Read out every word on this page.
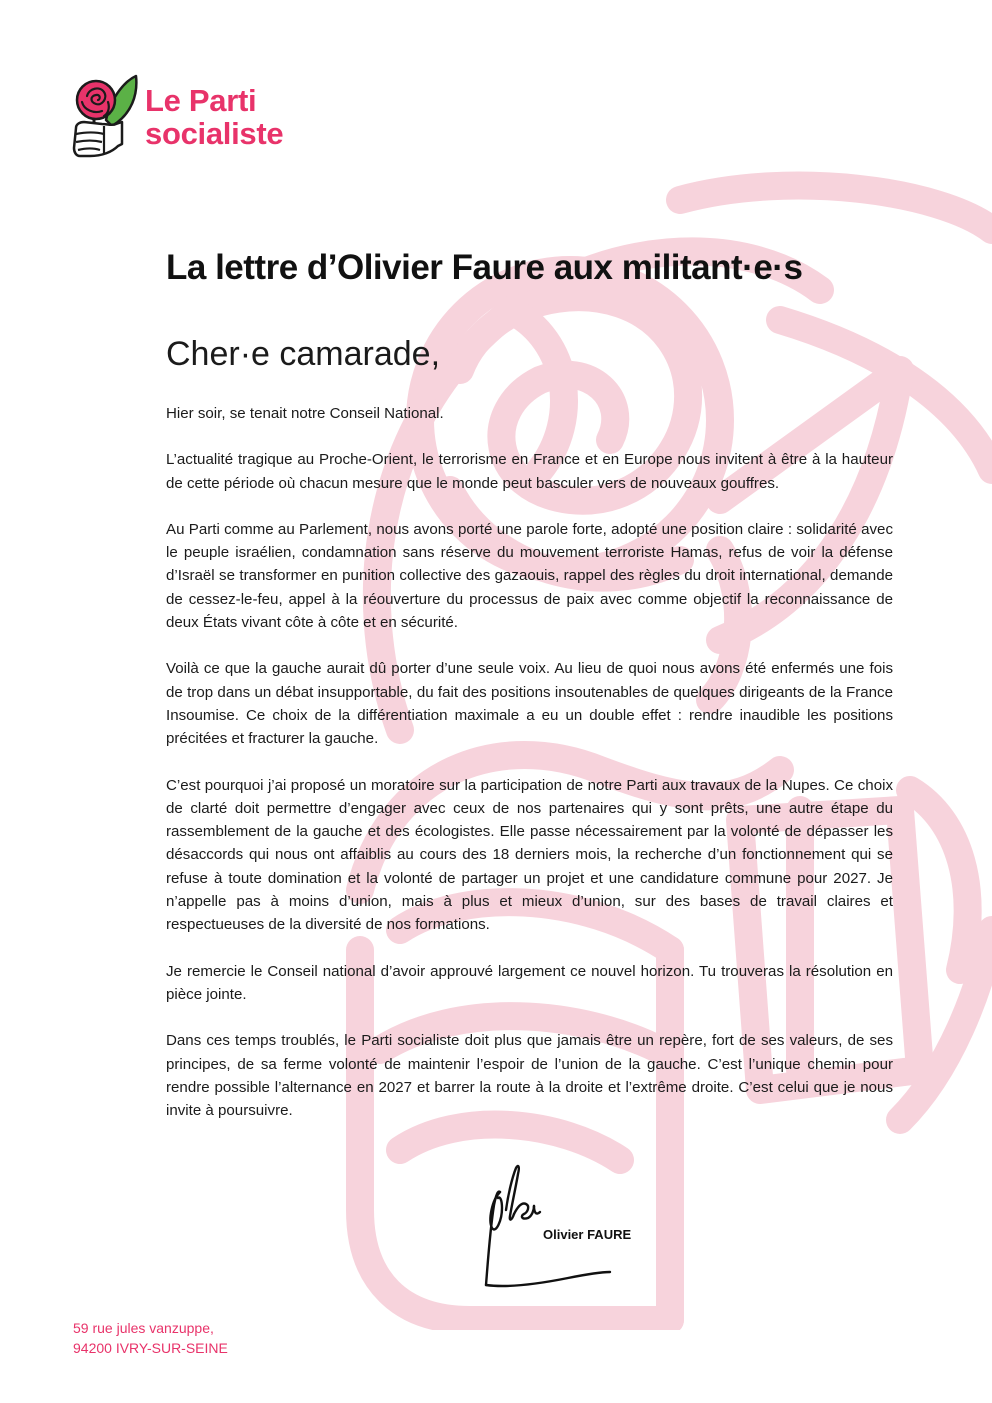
Le Parti
socialiste
La lettre d’Olivier Faure aux militant·e·s
Cher·e camarade,

Hier soir, se tenait notre Conseil National.

L’actualité tragique au Proche-Orient, le terrorisme en France et en Europe nous invitent à être à la hauteur de cette période où chacun mesure que le monde peut basculer vers de nouveaux gouffres.

Au Parti comme au Parlement, nous avons porté une parole forte, adopté une position claire : solidarité avec le peuple israélien, condamnation sans réserve du mouvement terroriste Hamas, refus de voir la défense d’Israël se transformer en punition collective des gazaouis, rappel des règles du droit international, demande de cessez-le-feu, appel à la réouverture du processus de paix avec comme objectif la reconnaissance de deux États vivant côte à côte et en sécurité.

Voilà ce que la gauche aurait dû porter d’une seule voix. Au lieu de quoi nous avons été enfermés une fois de trop dans un débat insupportable, du fait des positions insoutenables de quelques dirigeants de la France Insoumise. Ce choix de la différentiation maximale a eu un double effet : rendre inaudible les positions précitées et fracturer la gauche.

C’est pourquoi j’ai proposé un moratoire sur la participation de notre Parti aux travaux de la Nupes. Ce choix de clarté doit permettre d’engager avec ceux de nos partenaires qui y sont prêts, une autre étape du rassemblement de la gauche et des écologistes. Elle passe nécessairement par la volonté de dépasser les désaccords qui nous ont affaiblis au cours des 18 derniers mois, la recherche d’un fonctionnement qui se refuse à toute domination et la volonté de partager un projet et une candidature commune pour 2027. Je n’appelle pas à moins d’union, mais à plus et mieux d’union, sur des bases de travail claires et respectueuses de la diversité de nos formations.

Je remercie le Conseil national d’avoir approuvé largement ce nouvel horizon. Tu trouveras la résolution en pièce jointe.

Dans ces temps troublés, le Parti socialiste doit plus que jamais être un repère, fort de ses valeurs, de ses principes, de sa ferme volonté de maintenir l’espoir de l’union de la gauche. C’est l’unique chemin pour rendre possible l’alternance en 2027 et barrer la route à la droite et l’extrême droite. C’est celui que je nous invite à poursuivre.

Olivier FAURE
59 rue jules vanzuppe,
94200 IVRY-SUR-SEINE
